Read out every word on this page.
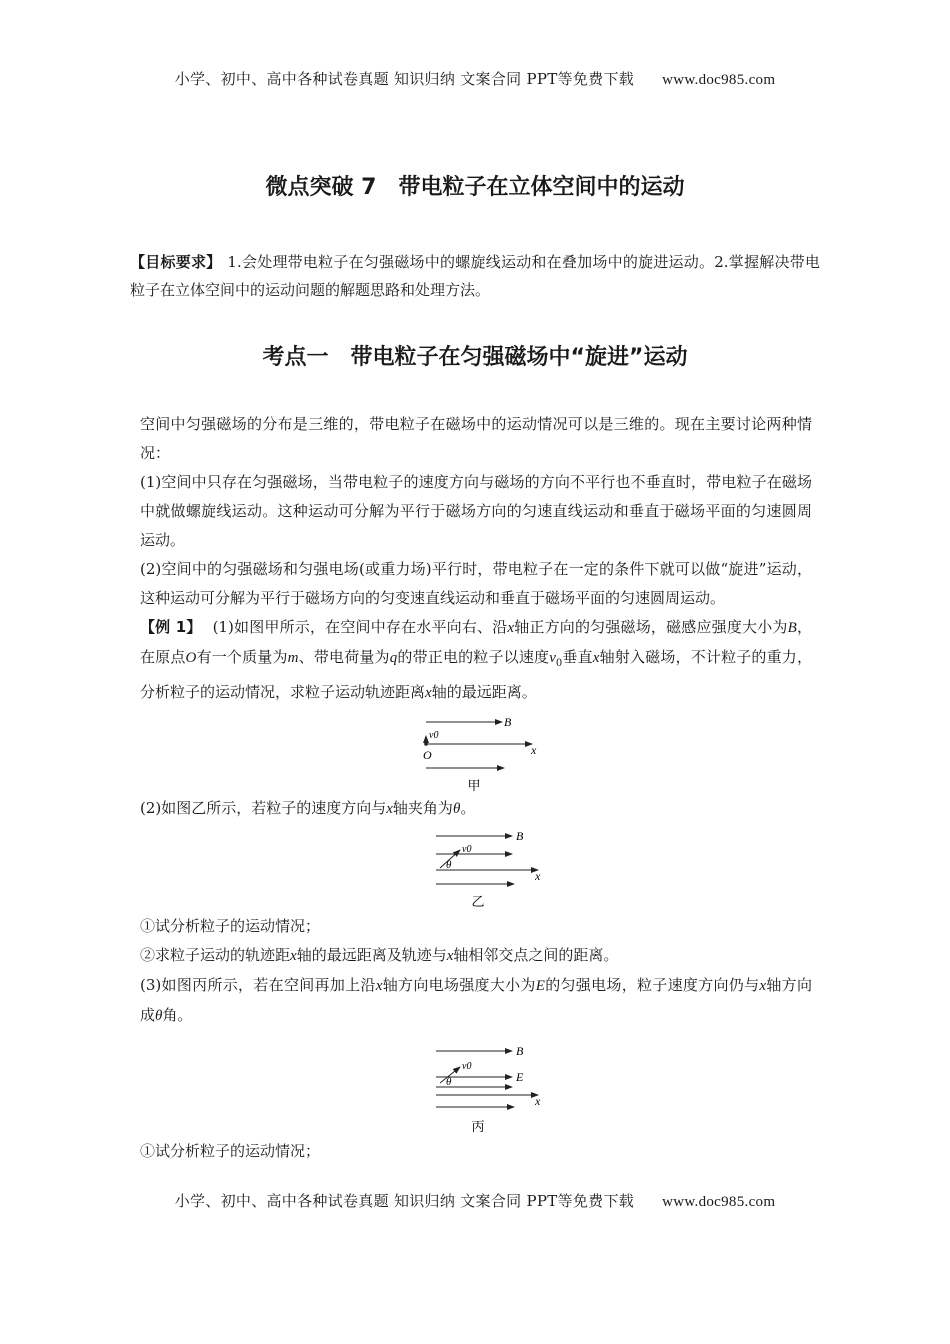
小学、初中、高中各种试卷真题 知识归纳 文案合同 PPT等免费下载 www.doc985.com
微点突破 7 带电粒子在立体空间中的运动
【目标要求】 1.会处理带电粒子在匀强磁场中的螺旋线运动和在叠加场中的旋进运动。2.掌握解决带电粒子在立体空间中的运动问题的解题思路和处理方法。
考点一 带电粒子在匀强磁场中“旋进”运动

空间中匀强磁场的分布是三维的，带电粒子在磁场中的运动情况可以是三维的。现在主要讨论两种情况：

(1)空间中只存在匀强磁场，当带电粒子的速度方向与磁场的方向不平行也不垂直时，带电粒子在磁场中就做螺旋线运动。这种运动可分解为平行于磁场方向的匀速直线运动和垂直于磁场平面的匀速圆周运动。

(2)空间中的匀强磁场和匀强电场(或重力场)平行时，带电粒子在一定的条件下就可以做“旋进”运动，这种运动可分解为平行于磁场方向的匀变速直线运动和垂直于磁场平面的匀速圆周运动。

【例 1】 (1)如图甲所示，在空间中存在水平向右、沿x轴正方向的匀强磁场，磁感应强度大小为B，在原点O有一个质量为m、带电荷量为q的带正电的粒子以速度$v_0$垂直x轴射入磁场，不计粒子的重力，分析粒子的运动情况，求粒子运动轨迹距离x轴的最远距离。

B
v0
x
O
甲

(2)如图乙所示，若粒子的速度方向与x轴夹角为θ。

B
v0
θ
x
乙

①试分析粒子的运动情况；

②求粒子运动的轨迹距x轴的最远距离及轨迹与x轴相邻交点之间的距离。

(3)如图丙所示，若在空间再加上沿x轴方向电场强度大小为E的匀强电场，粒子速度方向仍与x轴方向成θ角。

B
v0
E
θ
x
丙

①试分析粒子的运动情况；

小学、初中、高中各种试卷真题 知识归纳 文案合同 PPT等免费下载 www.doc985.com
